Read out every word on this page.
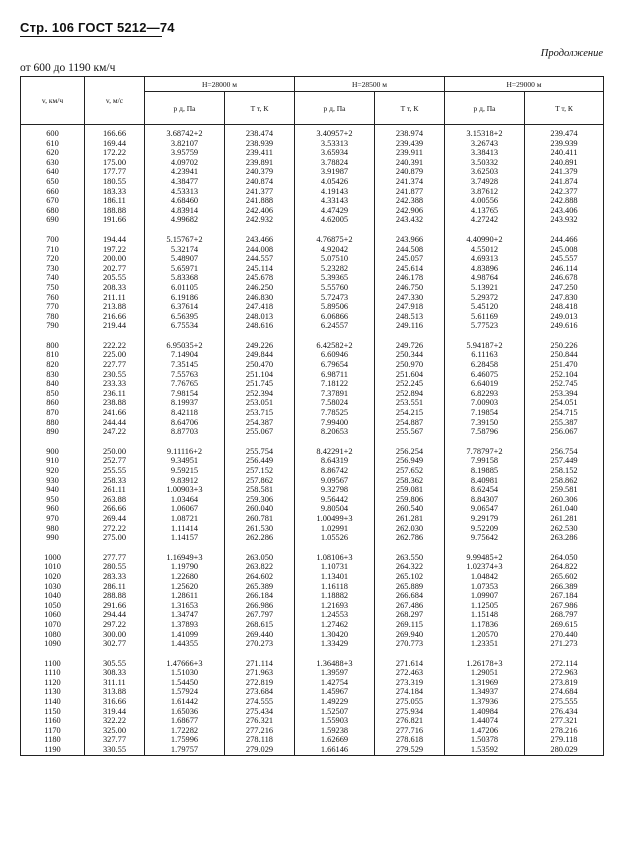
Стр. 106 ГОСТ 5212—74
Продолжение
от 600 до 1190 км/ч
v, км/ч	v, м/с	H=28000 м		H=28500 м		H=29000 м	
		p д, Па	T т, К	p д, Па	T т, К	p д, Па	T т, К
600	166.66	3.68742+2	238.474	3.40957+2	238.974	3.15318+2	239.474
610	169.44	3.82107	238.939	3.53313	239.439	3.26743	239.939
620	172.22	3.95759	239.411	3.65934	239.911	3.38413	240.411
630	175.00	4.09702	239.891	3.78824	240.391	3.50332	240.891
640	177.77	4.23941	240.379	3.91987	240.879	3.62503	241.379
650	180.55	4.38477	240.874	4.05426	241.374	3.74928	241.874
660	183.33	4.53313	241.377	4.19143	241.877	3.87612	242.377
670	186.11	4.68460	241.888	4.33143	242.388	4.00556	242.888
680	188.88	4.83914	242.406	4.47429	242.906	4.13765	243.406
690	191.66	4.99682	242.932	4.62005	243.432	4.27242	243.932

700	194.44	5.15767+2	243.466	4.76875+2	243.966	4.40990+2	244.466
710	197.22	5.32174	244.008	4.92042	244.508	4.55012	245.008
720	200.00	5.48907	244.557	5.07510	245.057	4.69313	245.557
730	202.77	5.65971	245.114	5.23282	245.614	4.83896	246.114
740	205.55	5.83368	245.678	5.39365	246.178	4.98764	246.678
750	208.33	6.01105	246.250	5.55760	246.750	5.13921	247.250
760	211.11	6.19186	246.830	5.72473	247.330	5.29372	247.830
770	213.88	6.37614	247.418	5.89506	247.918	5.45120	248.418
780	216.66	6.56395	248.013	6.06866	248.513	5.61169	249.013
790	219.44	6.75534	248.616	6.24557	249.116	5.77523	249.616

800	222.22	6.95035+2	249.226	6.42582+2	249.726	5.94187+2	250.226
810	225.00	7.14904	249.844	6.60946	250.344	6.11163	250.844
820	227.77	7.35145	250.470	6.79654	250.970	6.28458	251.470
830	230.55	7.55763	251.104	6.98711	251.604	6.46075	252.104
840	233.33	7.76765	251.745	7.18122	252.245	6.64019	252.745
850	236.11	7.98154	252.394	7.37891	252.894	6.82293	253.394
860	238.88	8.19937	253.051	7.58024	253.551	7.00903	254.051
870	241.66	8.42118	253.715	7.78525	254.215	7.19854	254.715
880	244.44	8.64706	254.387	7.99400	254.887	7.39150	255.387
890	247.22	8.87703	255.067	8.20653	255.567	7.58796	256.067

900	250.00	9.11116+2	255.754	8.42291+2	256.254	7.78797+2	256.754
910	252.77	9.34951	256.449	8.64319	256.949	7.99158	257.449
920	255.55	9.59215	257.152	8.86742	257.652	8.19885	258.152
930	258.33	9.83912	257.862	9.09567	258.362	8.40981	258.862
940	261.11	1.00903+3	258.581	9.32798	259.081	8.62454	259.581
950	263.88	1.03464	259.306	9.56442	259.806	8.84307	260.306
960	266.66	1.06067	260.040	9.80504	260.540	9.06547	261.040
970	269.44	1.08721	260.781	1.00499+3	261.281	9.29179	261.281
980	272.22	1.11414	261.530	1.02991	262.030	9.52209	262.530
990	275.00	1.14157	262.286	1.05526	262.786	9.75642	263.286

1000	277.77	1.16949+3	263.050	1.08106+3	263.550	9.99485+2	264.050
1010	280.55	1.19790	263.822	1.10731	264.322	1.02374+3	264.822
1020	283.33	1.22680	264.602	1.13401	265.102	1.04842	265.602
1030	286.11	1.25620	265.389	1.16118	265.889	1.07353	266.389
1040	288.88	1.28611	266.184	1.18882	266.684	1.09907	267.184
1050	291.66	1.31653	266.986	1.21693	267.486	1.12505	267.986
1060	294.44	1.34747	267.797	1.24553	268.297	1.15148	268.797
1070	297.22	1.37893	268.615	1.27462	269.115	1.17836	269.615
1080	300.00	1.41099	269.440	1.30420	269.940	1.20570	270.440
1090	302.77	1.44355	270.273	1.33429	270.773	1.23351	271.273

1100	305.55	1.47666+3	271.114	1.36488+3	271.614	1.26178+3	272.114
1110	308.33	1.51030	271.963	1.39597	272.463	1.29051	272.963
1120	311.11	1.54450	272.819	1.42754	273.319	1.31969	273.819
1130	313.88	1.57924	273.684	1.45967	274.184	1.34937	274.684
1140	316.66	1.61442	274.555	1.49229	275.055	1.37936	275.555
1150	319.44	1.65036	275.434	1.52507	275.934	1.40984	276.434
1160	322.22	1.68677	276.321	1.55903	276.821	1.44074	277.321
1170	325.00	1.72282	277.216	1.59238	277.716	1.47206	278.216
1180	327.77	1.75996	278.118	1.62669	278.618	1.50378	279.118
1190	330.55	1.79757	279.029	1.66146	279.529	1.53592	280.029
